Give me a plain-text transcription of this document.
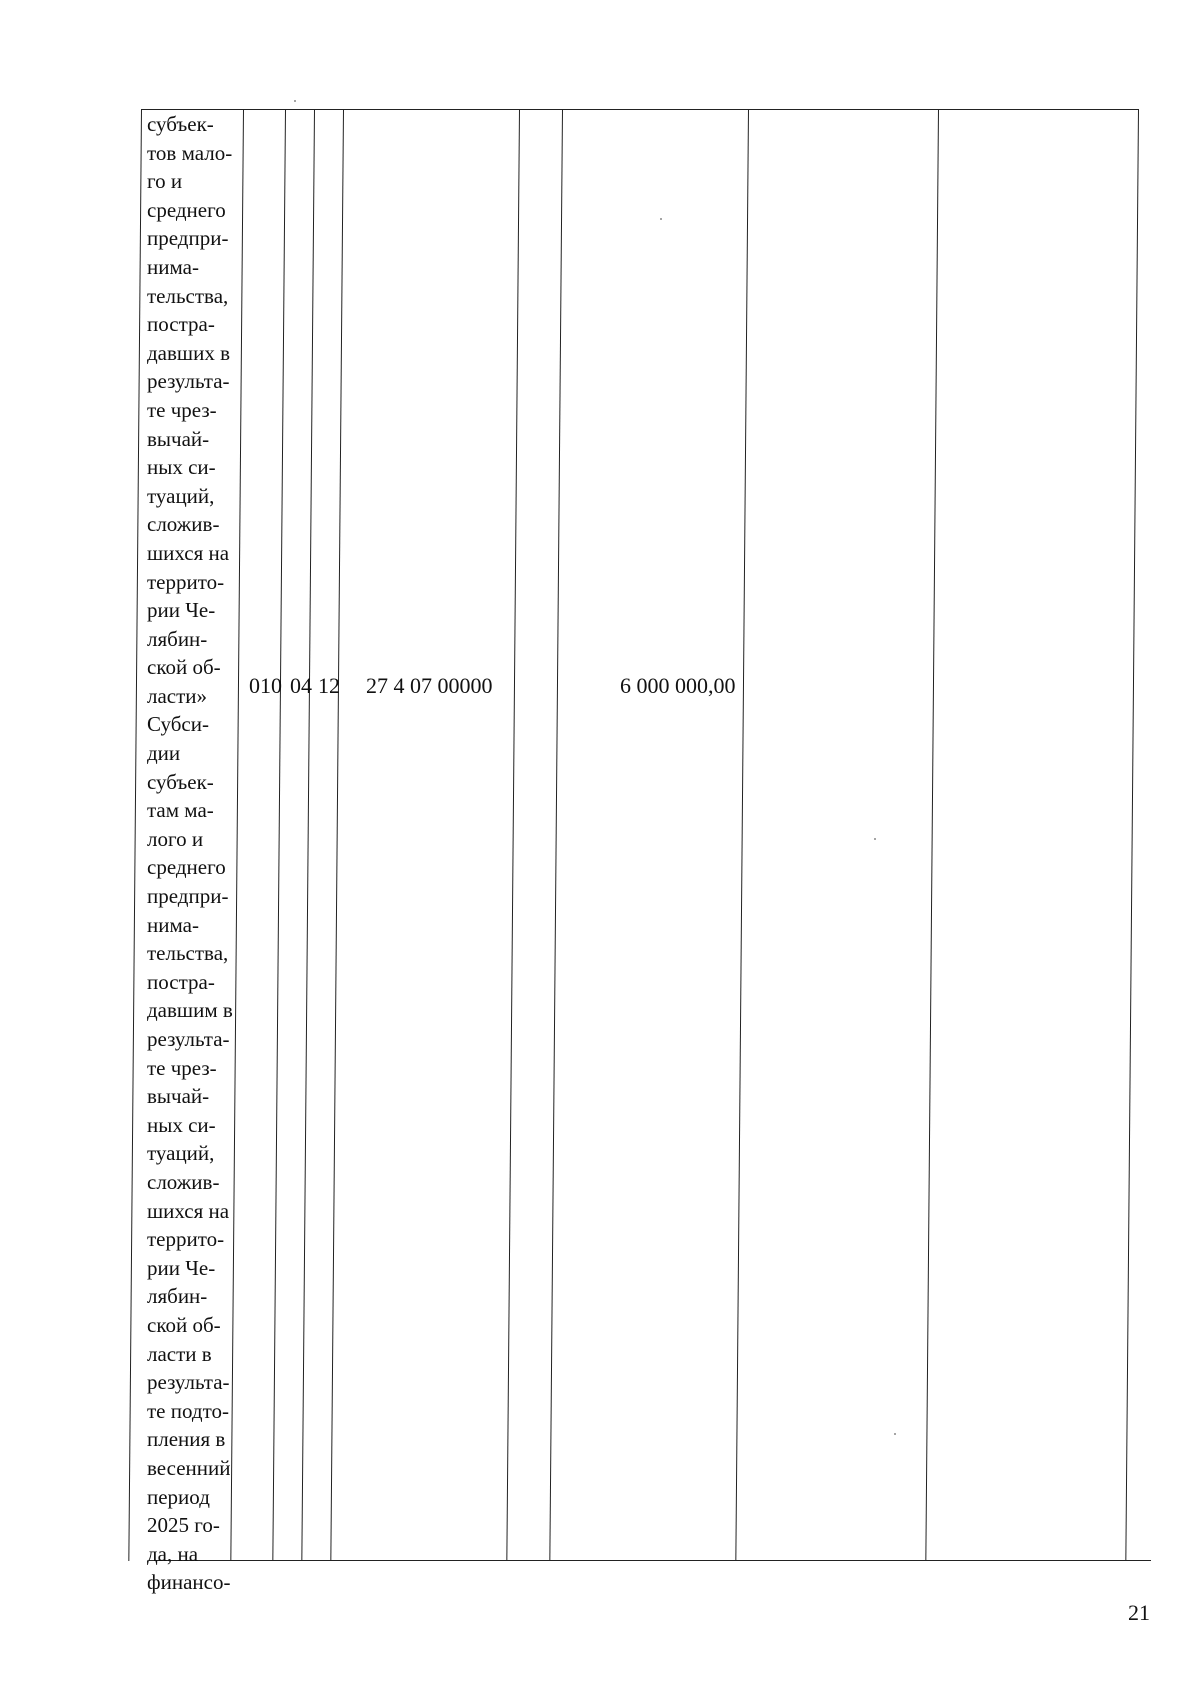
субъек-
тов мало-
го и
среднего
предпри-
нима-
тельства,
постра-
давших в
результа-
те чрез-
вычай-
ных си-
туаций,
сложив-
шихся на
террито-
рии Че-
лябин-
ской об-
ласти»
Субси-
дии
субъек-
там ма-
лого и
среднего
предпри-
нима-
тельства,
постра-
давшим в
результа-
те чрез-
вычай-
ных си-
туаций,
сложив-
шихся на
террито-
рии Че-
лябин-
ской об-
ласти в
результа-
те подто-
пления в
весенний
период
2025 го-
да, на
финансо-
010 04 12 27 4 07 00000	6 000 000,00
21
